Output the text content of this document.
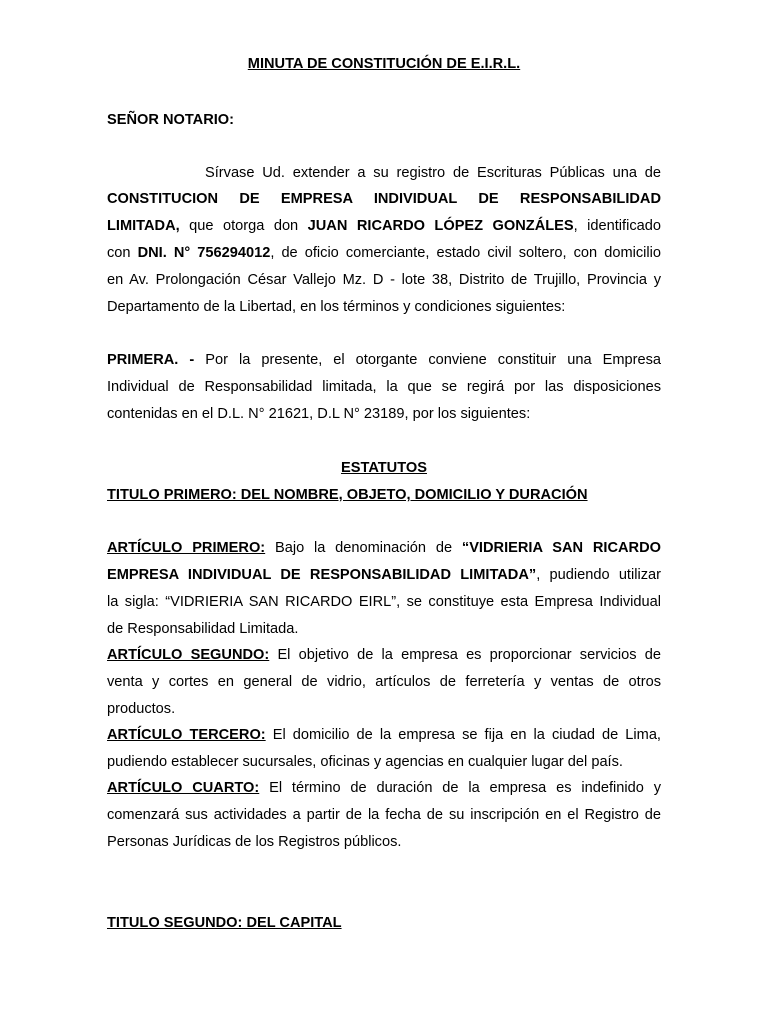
MINUTA DE CONSTITUCIÓN DE E.I.R.L.
SEÑOR NOTARIO:
Sírvase Ud. extender a su registro de Escrituras Públicas una de
CONSTITUCION DE EMPRESA INDIVIDUAL DE RESPONSABILIDAD
LIMITADA, que otorga don JUAN RICARDO LÓPEZ GONZÁLES, identificado
con DNI. N° 756294012, de oficio comerciante, estado civil soltero, con domicilio
en Av. Prolongación César Vallejo Mz. D - lote 38, Distrito de Trujillo, Provincia y
Departamento de la Libertad, en los términos y condiciones siguientes:
PRIMERA. - Por la presente, el otorgante conviene constituir una Empresa
Individual de Responsabilidad limitada, la que se regirá por las disposiciones
contenidas en el D.L. N° 21621, D.L N° 23189, por los siguientes:
ESTATUTOS
TITULO PRIMERO: DEL NOMBRE, OBJETO, DOMICILIO Y DURACIÓN
ARTÍCULO PRIMERO: Bajo la denominación de “VIDRIERIA SAN RICARDO
EMPRESA INDIVIDUAL DE RESPONSABILIDAD LIMITADA”, pudiendo utilizar
la sigla: “VIDRIERIA SAN RICARDO EIRL”, se constituye esta Empresa Individual
de Responsabilidad Limitada.
ARTÍCULO SEGUNDO: El objetivo de la empresa es proporcionar servicios de
venta y cortes en general de vidrio, artículos de ferretería y ventas de otros
productos.
ARTÍCULO TERCERO: El domicilio de la empresa se fija en la ciudad de Lima,
pudiendo establecer sucursales, oficinas y agencias en cualquier lugar del país.
ARTÍCULO CUARTO: El término de duración de la empresa es indefinido y
comenzará sus actividades a partir de la fecha de su inscripción en el Registro de
Personas Jurídicas de los Registros públicos.
TITULO SEGUNDO: DEL CAPITAL
